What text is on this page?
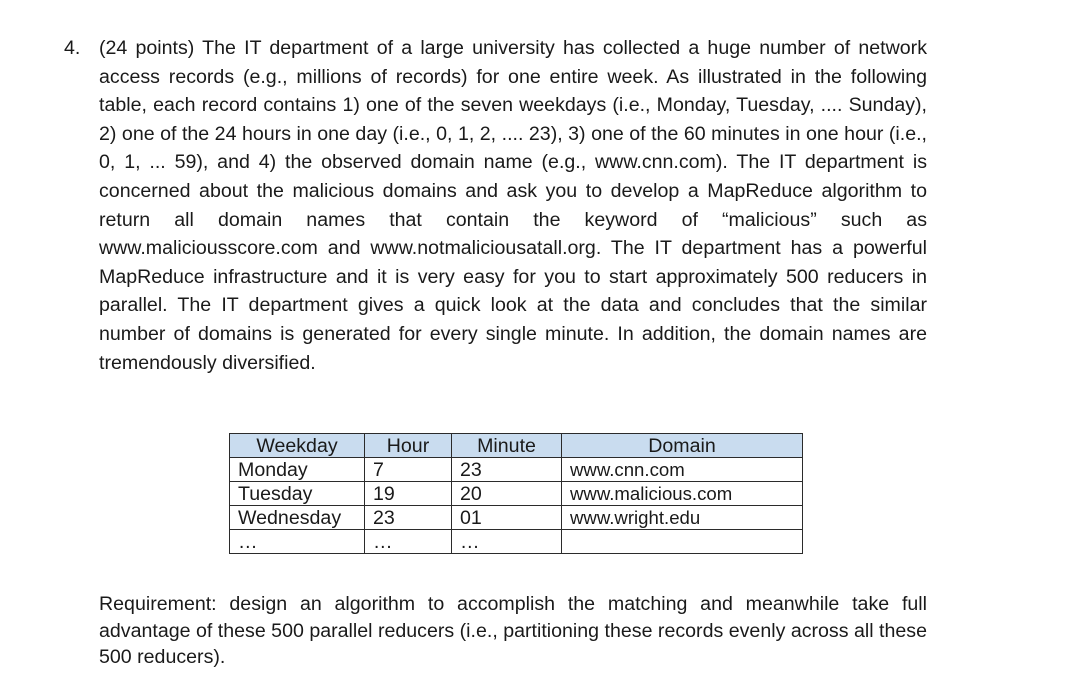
4. (24 points) The IT department of a large university has collected a huge number of network access records (e.g., millions of records) for one entire week. As illustrated in the following table, each record contains 1) one of the seven weekdays (i.e., Monday, Tuesday, .... Sunday), 2) one of the 24 hours in one day (i.e., 0, 1, 2, .... 23), 3) one of the 60 minutes in one hour (i.e., 0, 1, ... 59), and 4) the observed domain name (e.g., www.cnn.com). The IT department is concerned about the malicious domains and ask you to develop a MapReduce algorithm to return all domain names that contain the keyword of “malicious” such as www.maliciousscore.com and www.notmaliciousatall.org. The IT department has a powerful MapReduce infrastructure and it is very easy for you to start approximately 500 reducers in parallel. The IT department gives a quick look at the data and concludes that the similar number of domains is generated for every single minute. In addition, the domain names are tremendously diversified.
Weekday	Hour	Minute	Domain
Monday	7	23	www.cnn.com
Tuesday	19	20	www.malicious.com
Wednesday	23	01	www.wright.edu
…	…	…	
Requirement: design an algorithm to accomplish the matching and meanwhile take full advantage of these 500 parallel reducers (i.e., partitioning these records evenly across all these 500 reducers).
